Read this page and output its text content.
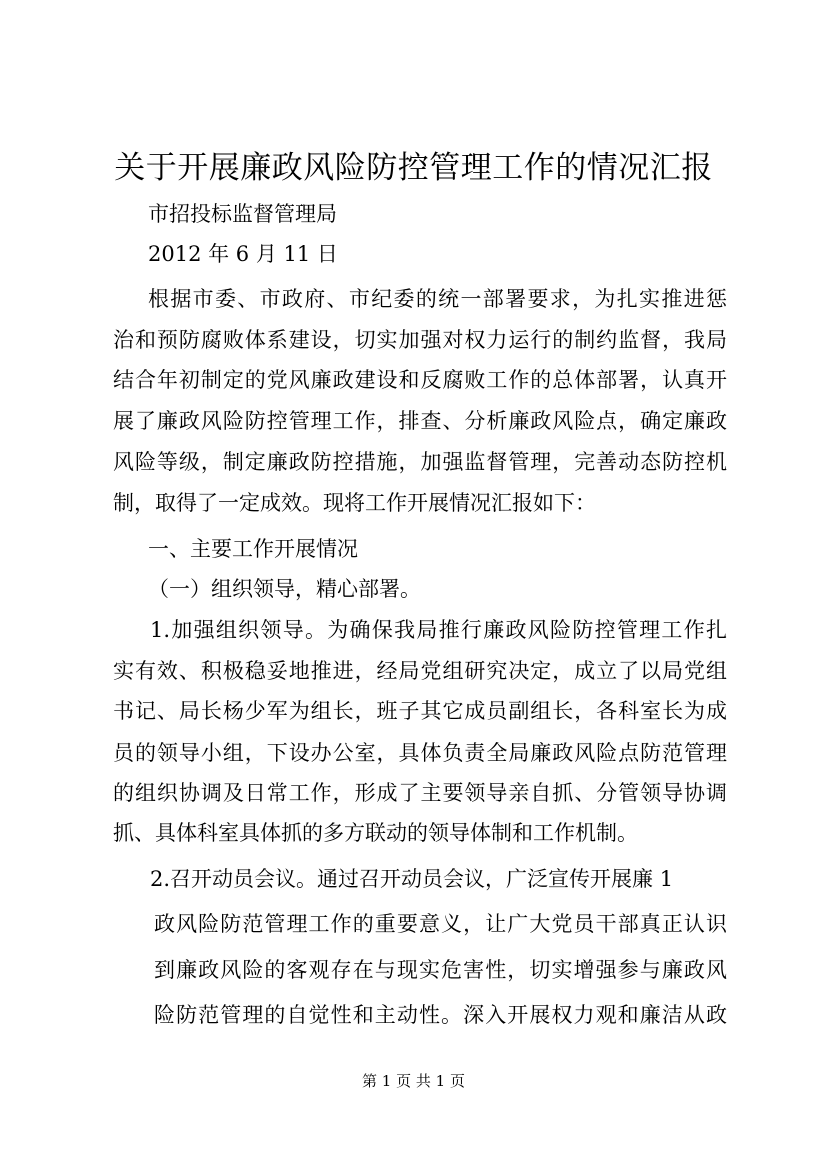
关于开展廉政风险防控管理工作的情况汇报
市招投标监督管理局
2012 年 6 月 11 日
根据市委、市政府、市纪委的统一部署要求，为扎实推进惩
治和预防腐败体系建设，切实加强对权力运行的制约监督，我局
结合年初制定的党风廉政建设和反腐败工作的总体部署，认真开
展了廉政风险防控管理工作，排查、分析廉政风险点，确定廉政
风险等级，制定廉政防控措施，加强监督管理，完善动态防控机
制，取得了一定成效。现将工作开展情况汇报如下：
一、主要工作开展情况
（一）组织领导，精心部署。
1.加强组织领导。为确保我局推行廉政风险防控管理工作扎
实有效、积极稳妥地推进，经局党组研究决定，成立了以局党组
书记、局长杨少军为组长，班子其它成员副组长，各科室长为成
员的领导小组，下设办公室，具体负责全局廉政风险点防范管理
的组织协调及日常工作，形成了主要领导亲自抓、分管领导协调
抓、具体科室具体抓的多方联动的领导体制和工作机制。
2.召开动员会议。通过召开动员会议，广泛宣传开展廉 1
政风险防范管理工作的重要意义，让广大党员干部真正认识
到廉政风险的客观存在与现实危害性，切实增强参与廉政风
险防范管理的自觉性和主动性。深入开展权力观和廉洁从政
第 1 页 共 1 页
